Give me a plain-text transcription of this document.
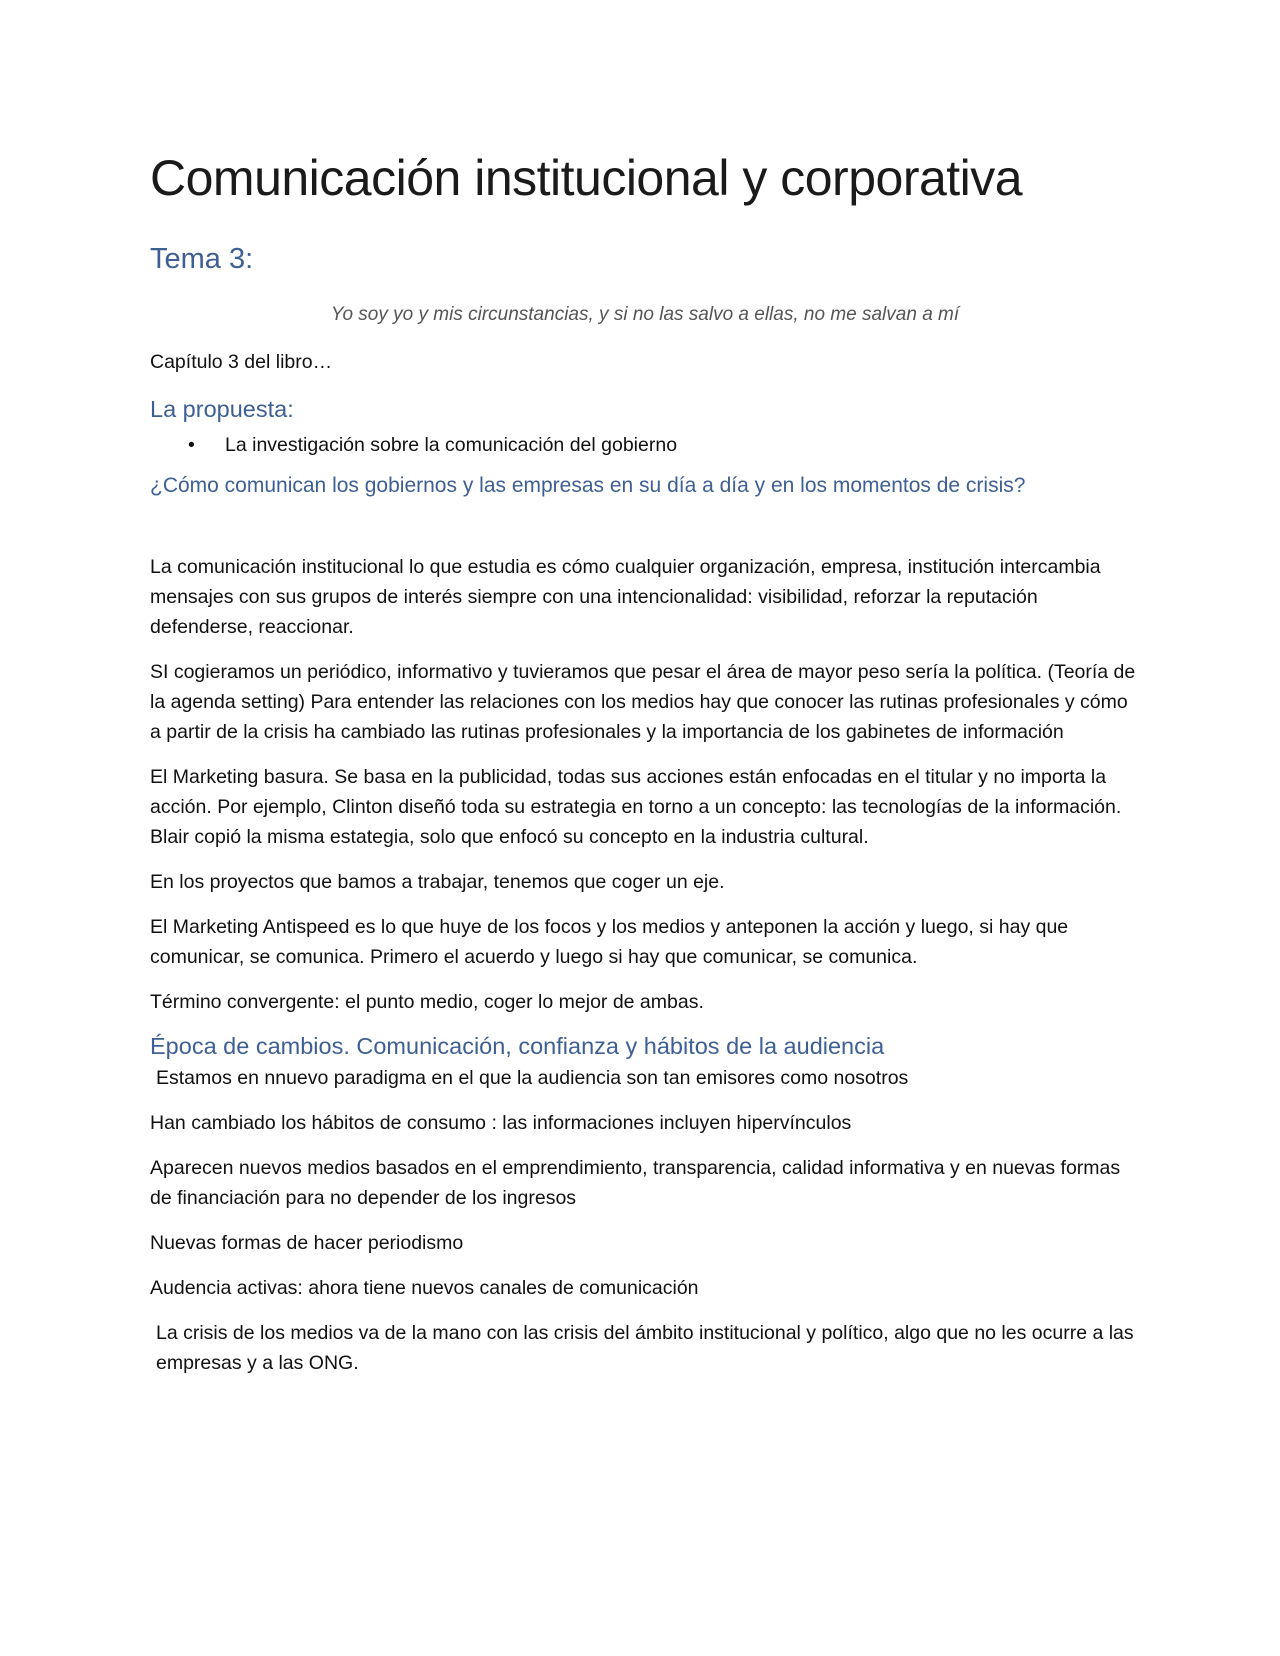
Comunicación institucional y corporativa
Tema 3:

Yo soy yo y mis circunstancias, y si no las salvo a ellas, no me salvan a mí

Capítulo 3 del libro…

La propuesta:
• La investigación sobre la comunicación del gobierno
¿Cómo comunican los gobiernos y las empresas en su día a día y en los momentos de crisis?

La comunicación institucional lo que estudia es cómo cualquier organización, empresa, institución intercambia mensajes con sus grupos de interés siempre con una intencionalidad: visibilidad, reforzar la reputación defenderse, reaccionar.

SI cogieramos un periódico, informativo y tuvieramos que pesar el área de mayor peso sería la política. (Teoría de la agenda setting) Para entender las relaciones con los medios hay que conocer las rutinas profesionales y cómo a partir de la crisis ha cambiado las rutinas profesionales y la importancia de los gabinetes de información

El Marketing basura. Se basa en la publicidad, todas sus acciones están enfocadas en el titular y no importa la acción. Por ejemplo, Clinton diseñó toda su estrategia en torno a un concepto: las tecnologías de la información. Blair copió la misma estategia, solo que enfocó su concepto en la industria cultural.

En los proyectos que bamos a trabajar, tenemos que coger un eje.

El Marketing Antispeed es lo que huye de los focos y los medios y anteponen la acción y luego, si hay que comunicar, se comunica. Primero el acuerdo y luego si hay que comunicar, se comunica.

Término convergente: el punto medio, coger lo mejor de ambas.

Época de cambios. Comunicación, confianza y hábitos de la audiencia

Estamos en nnuevo paradigma en el que la audiencia son tan emisores como nosotros

Han cambiado los hábitos de consumo : las informaciones incluyen hipervínculos

Aparecen nuevos medios basados en el emprendimiento, transparencia, calidad informativa y en nuevas formas de financiación para no depender de los ingresos

Nuevas formas de hacer periodismo

Audencia activas: ahora tiene nuevos canales de comunicación

La crisis de los medios va de la mano con las crisis del ámbito institucional y político, algo que no les ocurre a las empresas y a las ONG.
